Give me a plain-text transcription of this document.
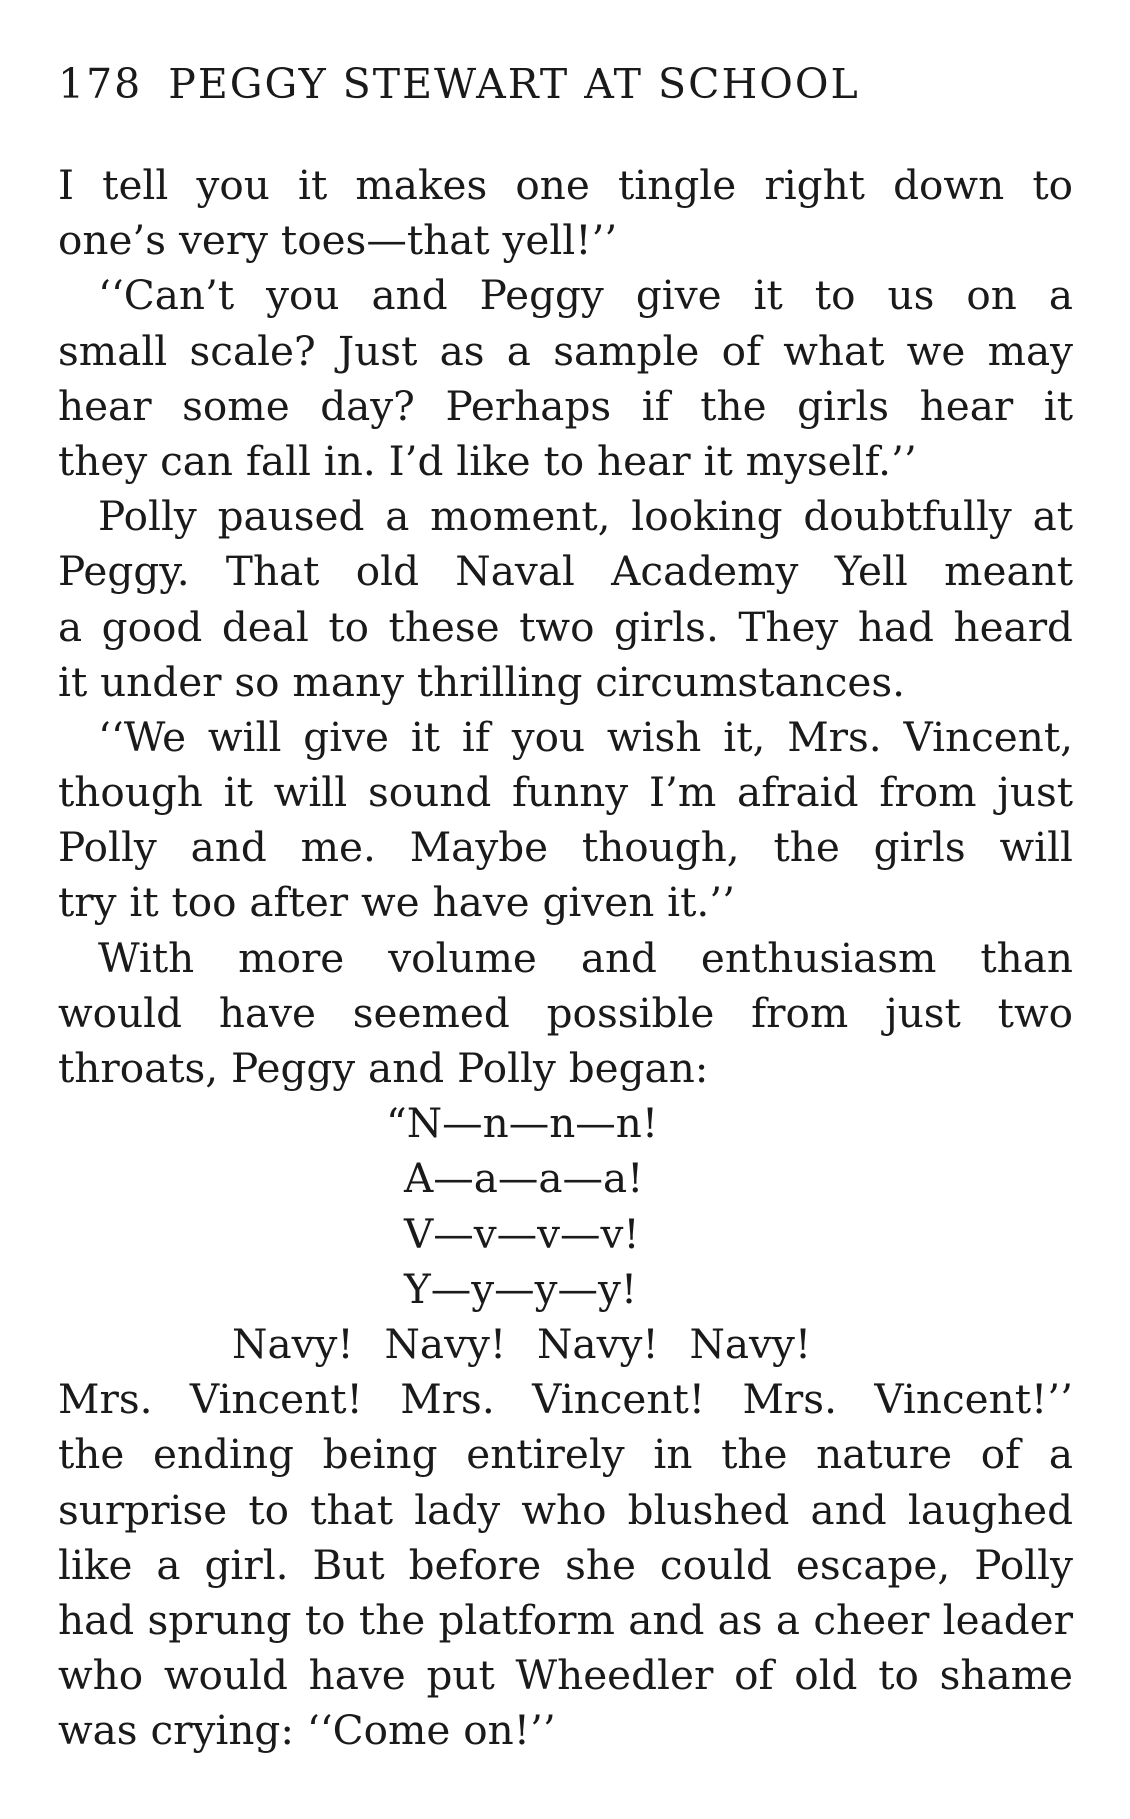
178 PEGGY STEWART AT SCHOOL
I tell you it makes one tingle right down to
one’s very toes—that yell!’’
‘‘Can’t you and Peggy give it to us on a
small scale? Just as a sample of what we may
hear some day? Perhaps if the girls hear it
they can fall in. I’d like to hear it myself.’’
Polly paused a moment, looking doubtfully at
Peggy. That old Naval Academy Yell meant
a good deal to these two girls. They had heard
it under so many thrilling circumstances.
‘‘We will give it if you wish it, Mrs. Vincent,
though it will sound funny I’m afraid from just
Polly and me. Maybe though, the girls will
try it too after we have given it.’’
With more volume and enthusiasm than
would have seemed possible from just two
throats, Peggy and Polly began:
“N—n—n—n!
A—a—a—a!
V—v—v—v!
Y—y—y—y!
Navy! Navy! Navy! Navy!
Mrs. Vincent! Mrs. Vincent! Mrs. Vincent!’’
the ending being entirely in the nature of a
surprise to that lady who blushed and laughed
like a girl. But before she could escape, Polly
had sprung to the platform and as a cheer leader
who would have put Wheedler of old to shame
was crying: ‘‘Come on!’’
